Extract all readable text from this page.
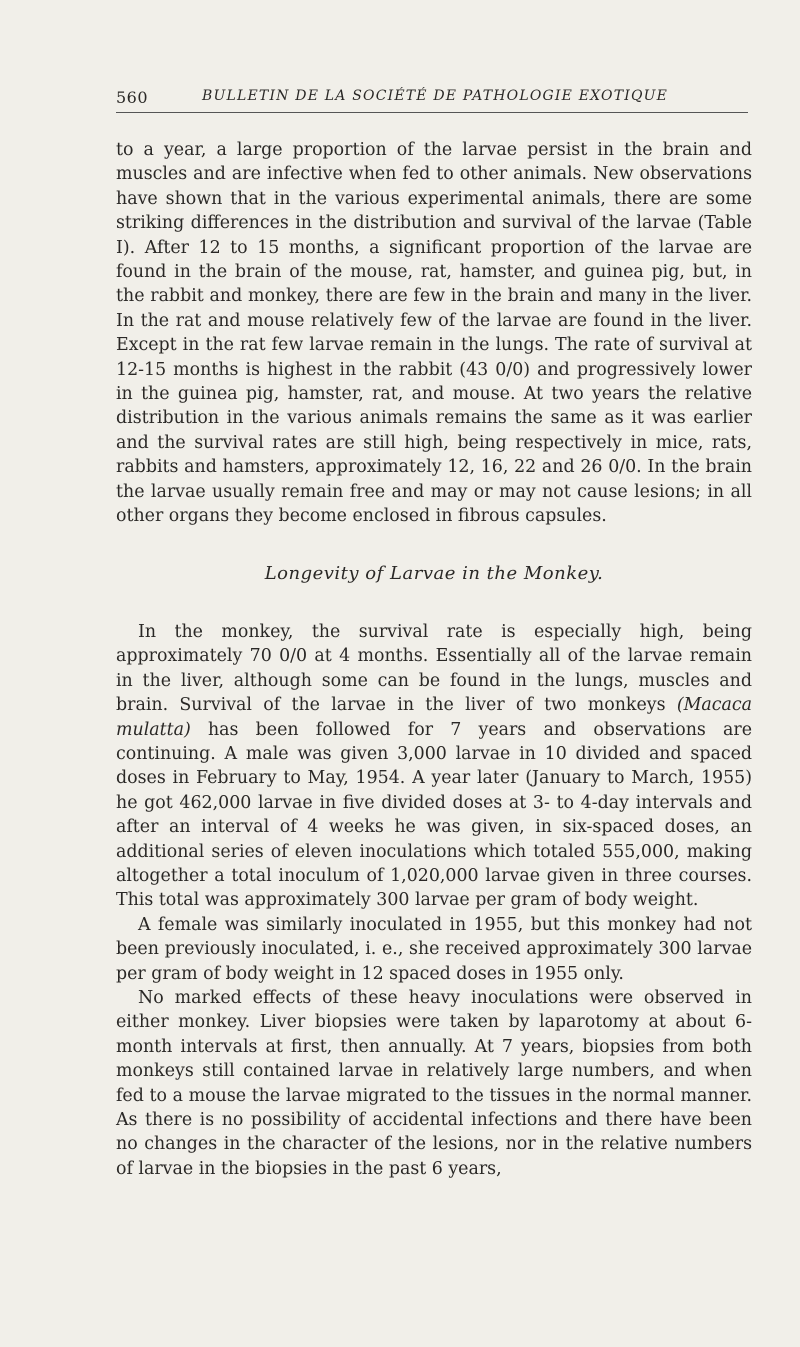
560	BULLETIN DE LA SOCIÉTÉ DE PATHOLOGIE EXOTIQUE

to a year, a large proportion of the larvae persist in the brain and muscles and are infective when fed to other animals. New observations have shown that in the various experimental animals, there are some striking differences in the distribution and survival of the larvae (Table I). After 12 to 15 months, a significant proportion of the larvae are found in the brain of the mouse, rat, hamster, and guinea pig, but, in the rabbit and monkey, there are few in the brain and many in the liver. In the rat and mouse relatively few of the larvae are found in the liver. Except in the rat few larvae remain in the lungs. The rate of survival at 12-15 months is highest in the rabbit (43 0/0) and progressively lower in the guinea pig, hamster, rat, and mouse. At two years the relative distribution in the various animals remains the same as it was earlier and the survival rates are still high, being respectively in mice, rats, rabbits and hamsters, approximately 12, 16, 22 and 26 0/0. In the brain the larvae usually remain free and may or may not cause lesions; in all other organs they become enclosed in fibrous capsules.

Longevity of Larvae in the Monkey.

In the monkey, the survival rate is especially high, being approximately 70 0/0 at 4 months. Essentially all of the larvae remain in the liver, although some can be found in the lungs, muscles and brain. Survival of the larvae in the liver of two monkeys (Macaca mulatta) has been followed for 7 years and observations are continuing. A male was given 3,000 larvae in 10 divided and spaced doses in February to May, 1954. A year later (January to March, 1955) he got 462,000 larvae in five divided doses at 3- to 4-day intervals and after an interval of 4 weeks he was given, in six-spaced doses, an additional series of eleven inoculations which totaled 555,000, making altogether a total inoculum of 1,020,000 larvae given in three courses. This total was approximately 300 larvae per gram of body weight.

A female was similarly inoculated in 1955, but this monkey had not been previously inoculated, i. e., she received approximately 300 larvae per gram of body weight in 12 spaced doses in 1955 only.

No marked effects of these heavy inoculations were observed in either monkey. Liver biopsies were taken by laparotomy at about 6-month intervals at first, then annually. At 7 years, biopsies from both monkeys still contained larvae in relatively large numbers, and when fed to a mouse the larvae migrated to the tissues in the normal manner. As there is no possibility of accidental infections and there have been no changes in the character of the lesions, nor in the relative numbers of larvae in the biopsies in the past 6 years,
